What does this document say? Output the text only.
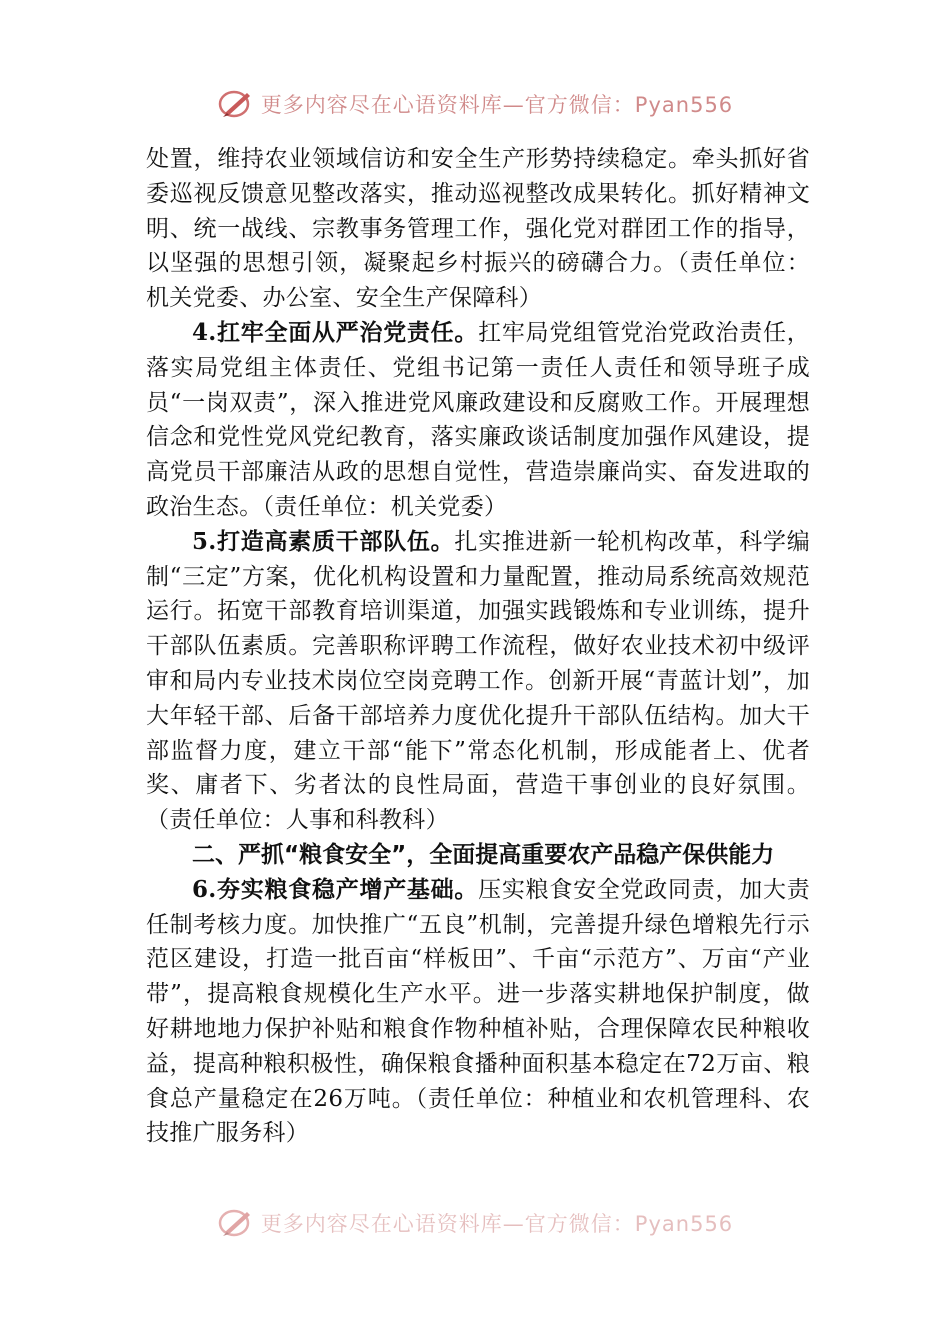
更多内容尽在心语资料库—官方微信：Pyan556

处置，维持农业领域信访和安全生产形势持续稳定。牵头抓好省委巡视反馈意见整改落实，推动巡视整改成果转化。抓好精神文明、统一战线、宗教事务管理工作，强化党对群团工作的指导，以坚强的思想引领，凝聚起乡村振兴的磅礴合力。（责任单位：机关党委、办公室、安全生产保障科）

4.扛牢全面从严治党责任。扛牢局党组管党治党政治责任，落实局党组主体责任、党组书记第一责任人责任和领导班子成员“一岗双责”，深入推进党风廉政建设和反腐败工作。开展理想信念和党性党风党纪教育，落实廉政谈话制度加强作风建设，提高党员干部廉洁从政的思想自觉性，营造崇廉尚实、奋发进取的政治生态。（责任单位：机关党委）

5.打造高素质干部队伍。扎实推进新一轮机构改革，科学编制“三定”方案，优化机构设置和力量配置，推动局系统高效规范运行。拓宽干部教育培训渠道，加强实践锻炼和专业训练，提升干部队伍素质。完善职称评聘工作流程，做好农业技术初中级评审和局内专业技术岗位空岗竞聘工作。创新开展“青蓝计划”，加大年轻干部、后备干部培养力度优化提升干部队伍结构。加大干部监督力度，建立干部“能下”常态化机制，形成能者上、优者奖、庸者下、劣者汰的良性局面，营造干事创业的良好氛围。（责任单位：人事和科教科）

二、严抓“粮食安全”，全面提高重要农产品稳产保供能力

6.夯实粮食稳产增产基础。压实粮食安全党政同责，加大责任制考核力度。加快推广“五良”机制，完善提升绿色增粮先行示范区建设，打造一批百亩“样板田”、千亩“示范方”、万亩“产业带”，提高粮食规模化生产水平。进一步落实耕地保护制度，做好耕地地力保护补贴和粮食作物种植补贴，合理保障农民种粮收益，提高种粮积极性，确保粮食播种面积基本稳定在72万亩、粮食总产量稳定在26万吨。（责任单位：种植业和农机管理科、农技推广服务科）

更多内容尽在心语资料库—官方微信：Pyan556
